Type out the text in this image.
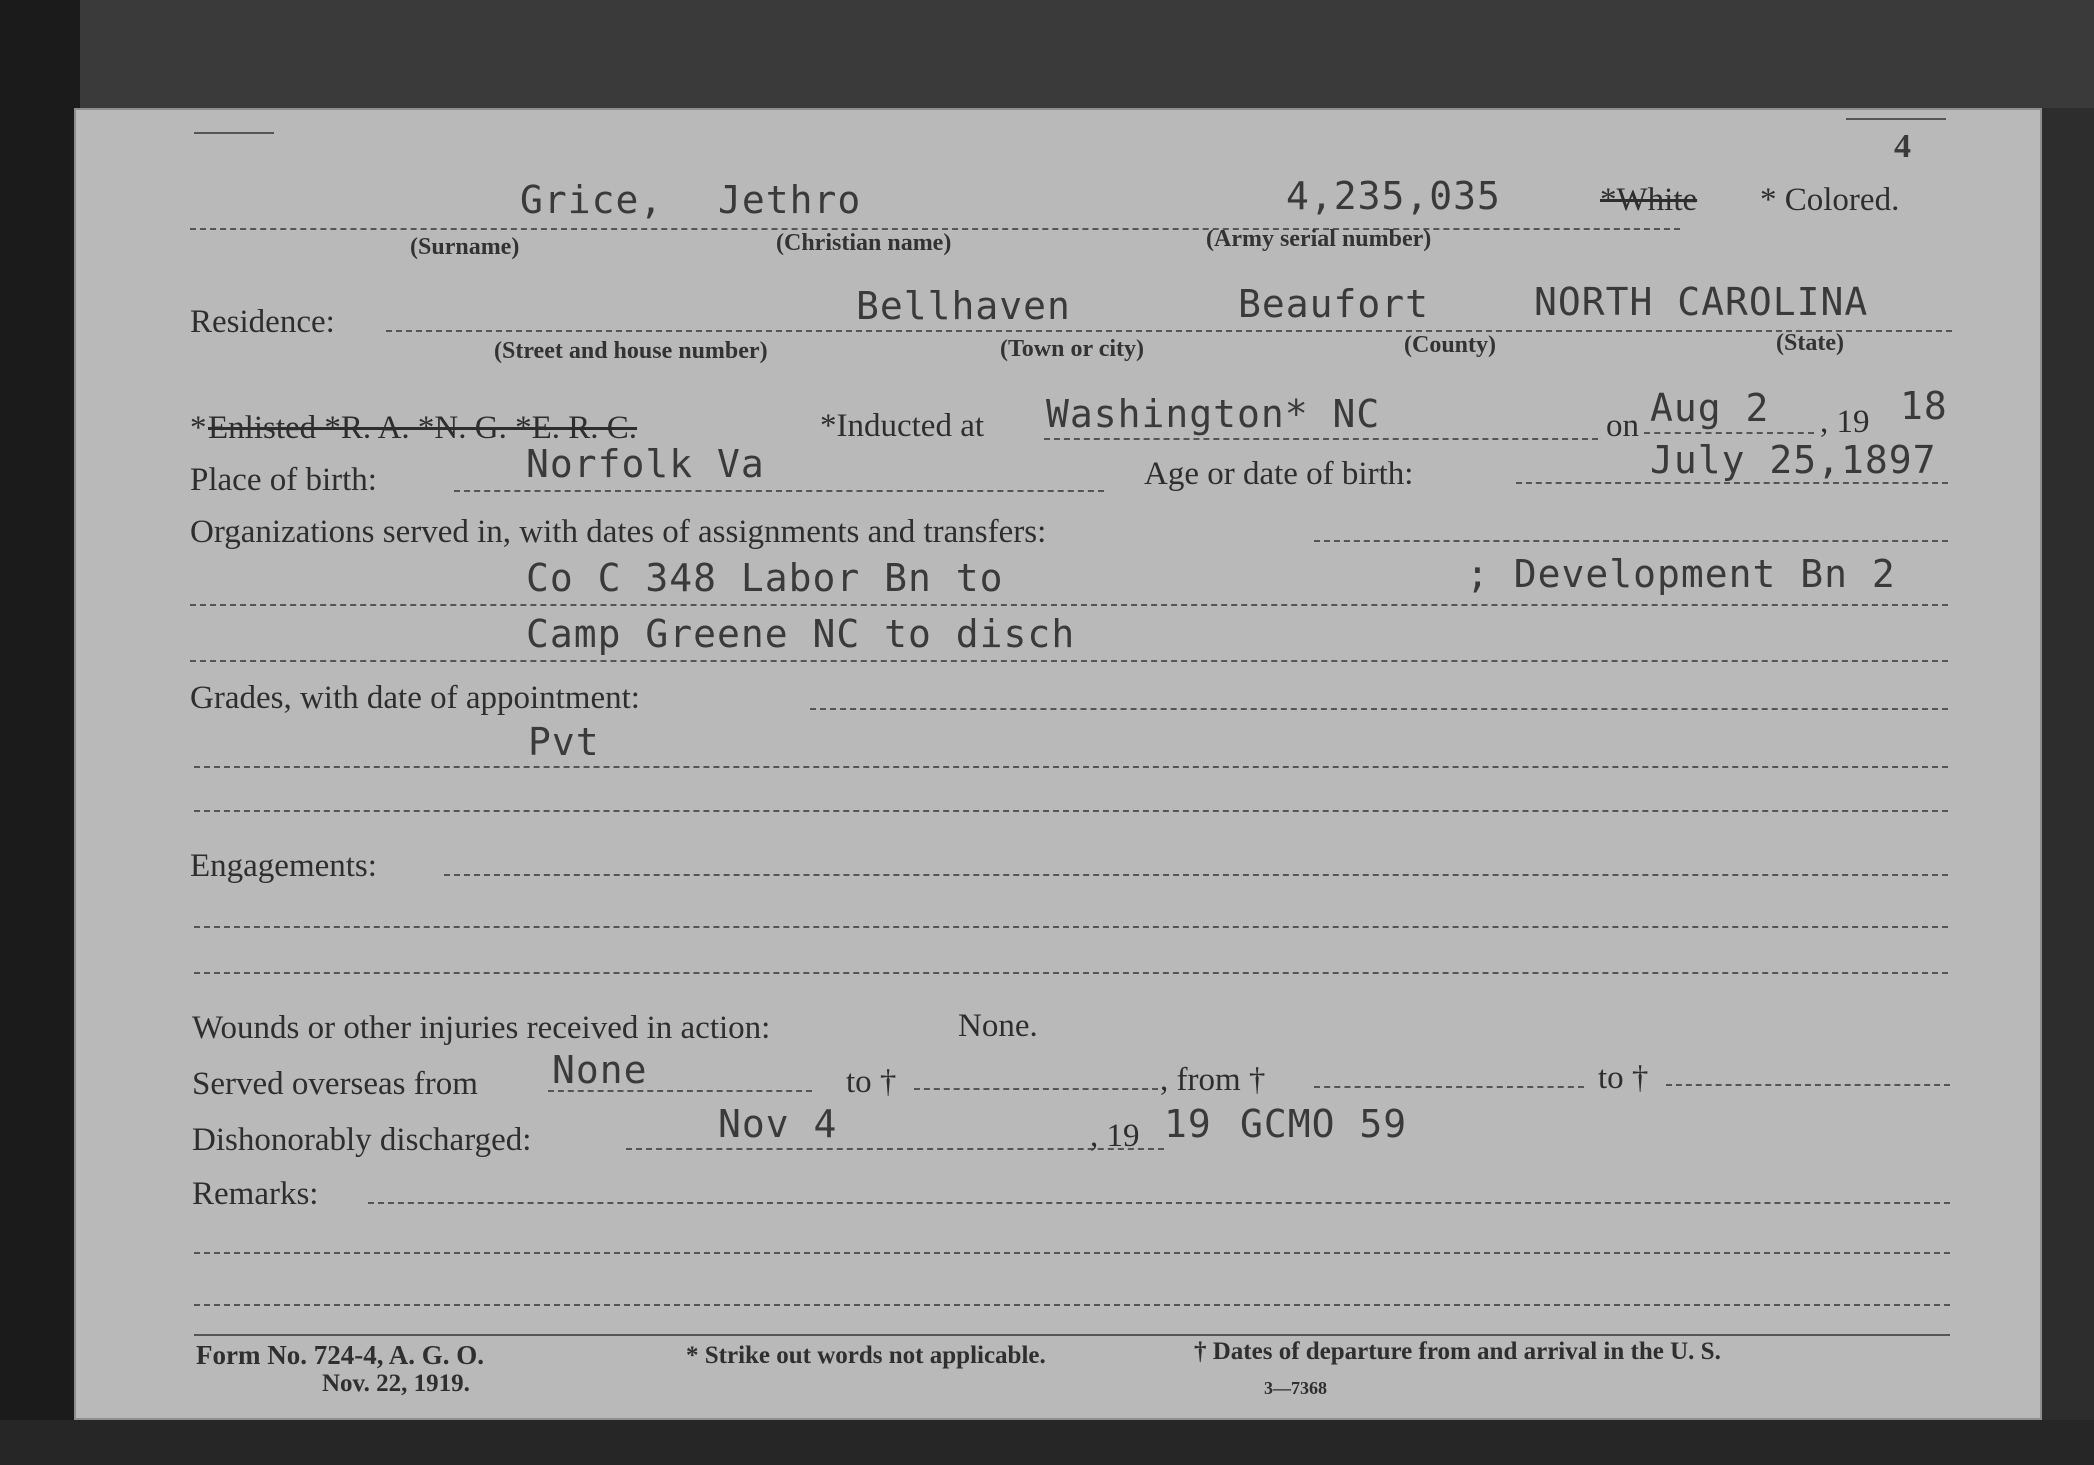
4
Grice, Jethro	4,235,035	*White * Colored.
(Surname)	(Christian name)	(Army serial number)
Residence:	Bellhaven	Beaufort	NORTH CAROLINA
(Street and house number)	(Town or city)	(County)	(State)
* Enlisted *R. A. *N. G. *E. R. C.	*Inducted at Washington* NC	on Aug 2 , 19 18
Place of birth:	Norfolk Va	Age or date of birth:	July 25,1897
Organizations served in, with dates of assignments and transfers:
Co C 348 Labor Bn to	; Development Bn 2
Camp Greene NC to disch
Grades, with date of appointment:
Pvt
Engagements:
Wounds or other injuries received in action:	None.
Served overseas from None	to †	, from †	to †
Dishonorably discharged:	Nov 4	, 19 19 GCMO 59
Remarks:
Form No. 724-4, A. G. O.
Nov. 22, 1919.
* Strike out words not applicable.	† Dates of departure from and arrival in the U. S.
3—7368
